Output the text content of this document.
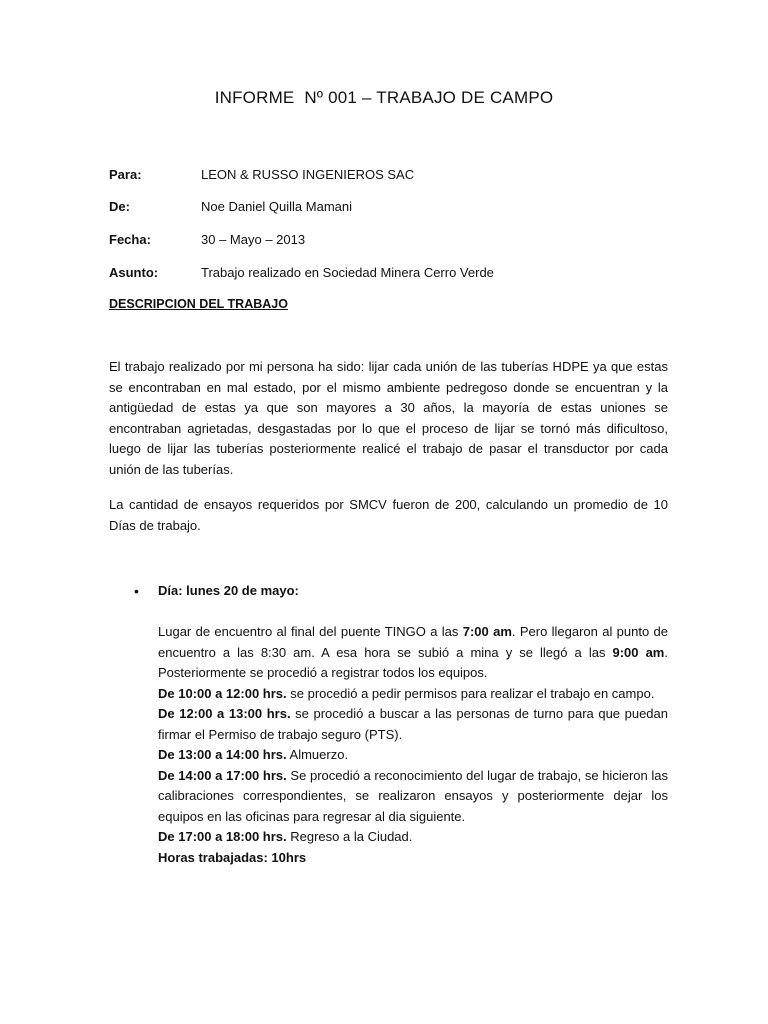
INFORME  Nº 001 – TRABAJO DE CAMPO
Para:	LEON & RUSSO INGENIEROS SAC
De:	Noe Daniel Quilla Mamani
Fecha:	30 – Mayo – 2013
Asunto:	Trabajo realizado en Sociedad Minera Cerro Verde
DESCRIPCION DEL TRABAJO

El trabajo realizado por mi persona ha sido: lijar cada unión de las tuberías HDPE ya que estas se encontraban en mal estado, por el mismo ambiente pedregoso donde se encuentran y la antigüedad de estas ya que son mayores a 30 años, la mayoría de estas uniones se encontraban agrietadas, desgastadas por lo que el proceso de lijar se tornó más dificultoso, luego de lijar las tuberías posteriormente realicé el trabajo de pasar el transductor por cada unión de las tuberías.

La cantidad de ensayos requeridos por SMCV fueron de 200, calculando un promedio de 10 Días de trabajo.

• Día: lunes 20 de mayo:

Lugar de encuentro al final del puente TINGO a las 7:00 am. Pero llegaron al punto de encuentro a las 8:30 am. A esa hora se subió a mina y se llegó a las 9:00 am. Posteriormente se procedió a registrar todos los equipos.

De 10:00 a 12:00 hrs. se procedió a pedir permisos para realizar el trabajo en campo.

De 12:00 a 13:00 hrs. se procedió a buscar a las personas de turno para que puedan firmar el Permiso de trabajo seguro (PTS).

De 13:00 a 14:00 hrs. Almuerzo.

De 14:00 a 17:00 hrs. Se procedió a reconocimiento del lugar de trabajo, se hicieron las calibraciones correspondientes, se realizaron ensayos y posteriormente dejar los equipos en las oficinas para regresar al dia siguiente.

De 17:00 a 18:00 hrs. Regreso a la Ciudad.

Horas trabajadas: 10hrs
